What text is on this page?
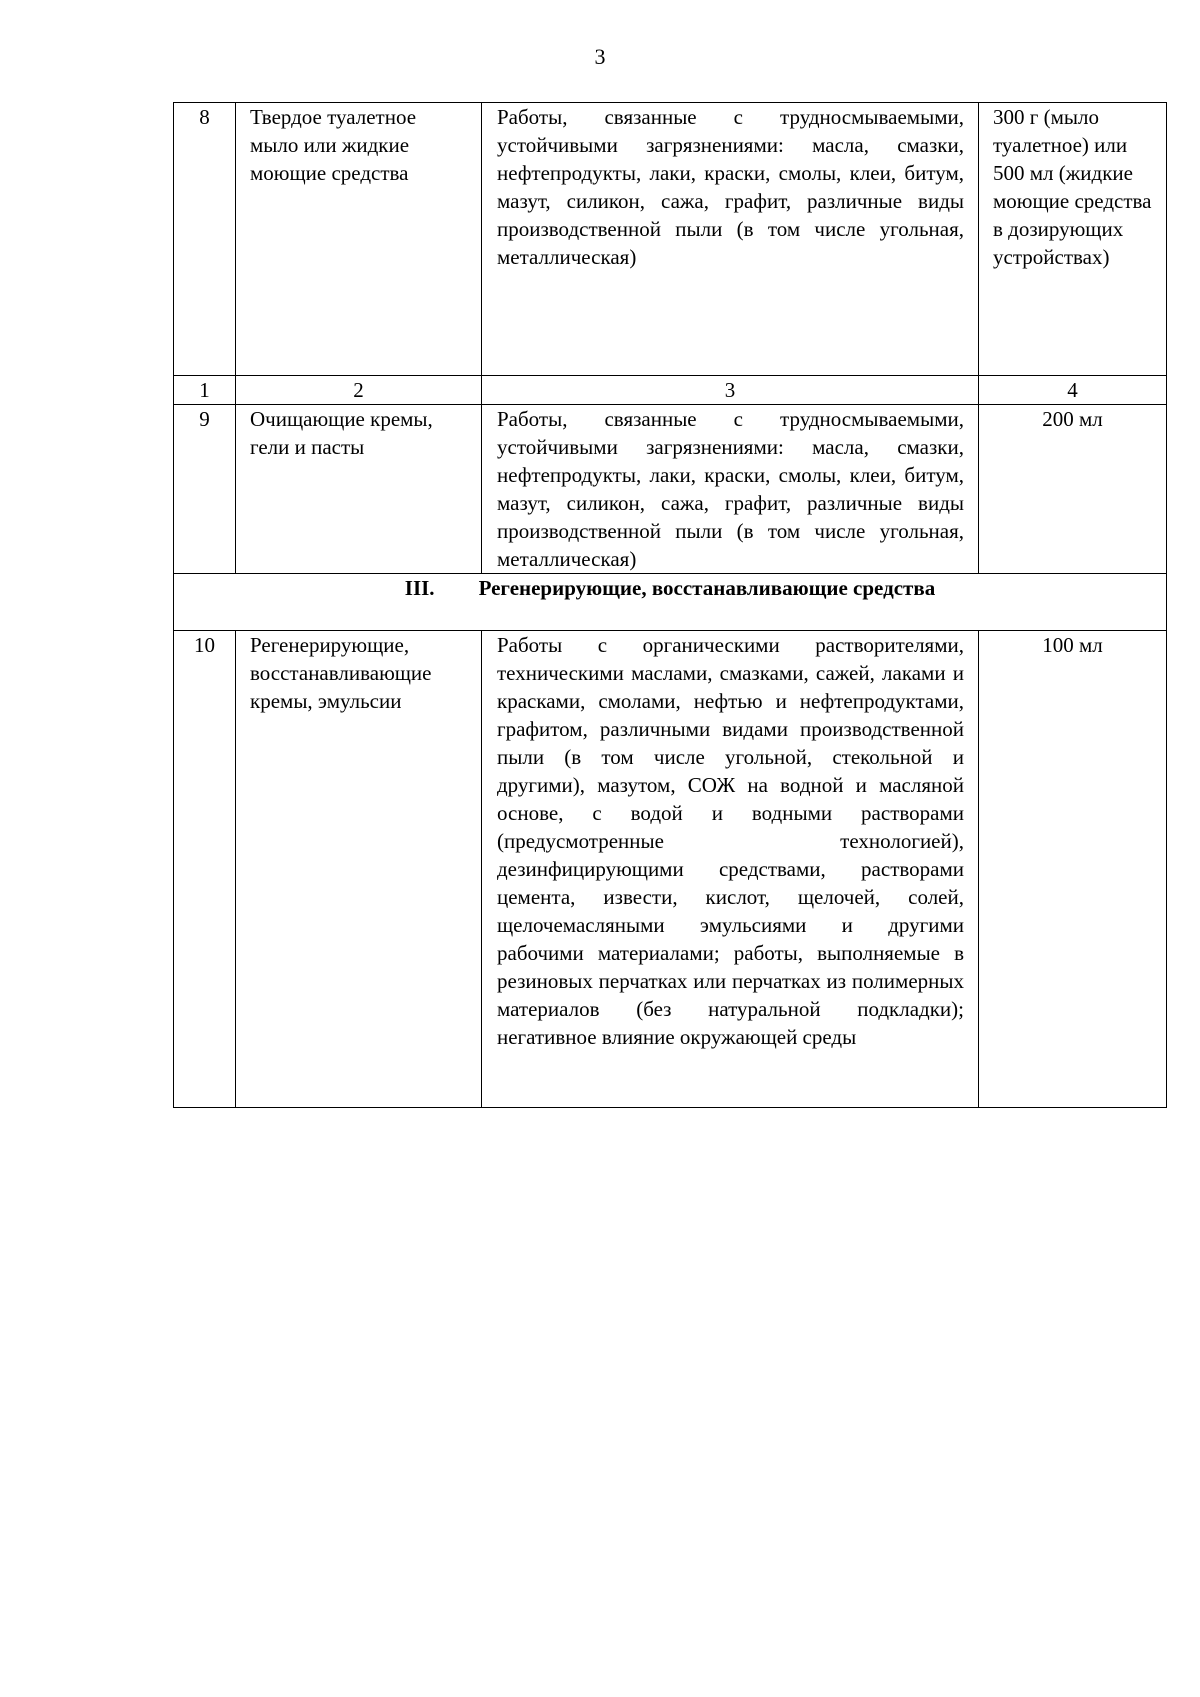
3
8	Твердое туалетное мыло или жидкие моющие средства	Работы, связанные с трудносмываемыми, устойчивыми загрязнениями: масла, смазки, нефтепродукты, лаки, краски, смолы, клеи, битум, мазут, силикон, сажа, графит, различные виды производственной пыли (в том числе угольная, металлическая)	300 г (мыло туалетное) или 500 мл (жидкие моющие средства в дозирующих устройствах)

1	2	3	4

9	Очищающие кремы, гели и пасты	Работы, связанные с трудносмываемыми, устойчивыми загрязнениями: масла, смазки, нефтепродукты, лаки, краски, смолы, клеи, битум, мазут, силикон, сажа, графит, различные виды производственной пыли (в том числе угольная, металлическая)	200 мл

III. Регенерирующие, восстанавливающие средства			

10	Регенерирующие, восстанавливающие кремы, эмульсии	Работы с органическими растворителями, техническими маслами, смазками, сажей, лаками и красками, смолами, нефтью и нефтепродуктами, графитом, различными видами производственной пыли (в том числе угольной, стекольной и другими), мазутом, СОЖ на водной и масляной основе, с водой и водными растворами (предусмотренные технологией), дезинфицирующими средствами, растворами цемента, извести, кислот, щелочей, солей, щелочемасляными эмульсиями и другими рабочими материалами; работы, выполняемые в резиновых перчатках или перчатках из полимерных материалов (без натуральной подкладки); негативное влияние окружающей среды	100 мл
